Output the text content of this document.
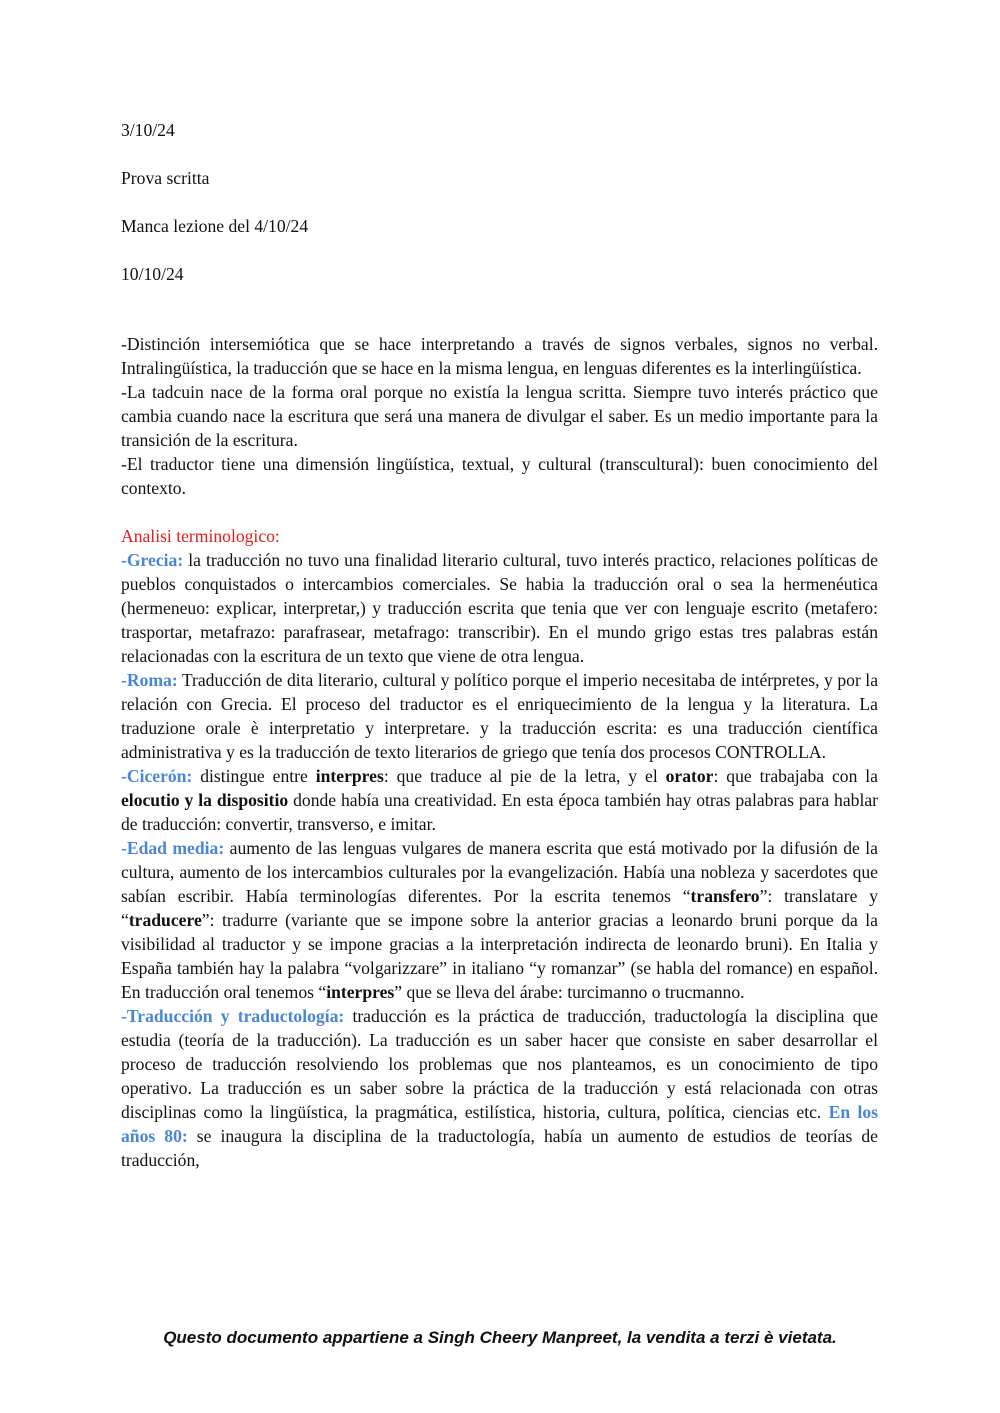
3/10/24

Prova scritta

Manca lezione del 4/10/24

10/10/24

-Distinción intersemiótica que se hace interpretando a través de signos verbales, signos no verbal. Intralingüística, la traducción que se hace en la misma lengua, en lenguas diferentes es la interlingüística.

-La tadcuin nace de la forma oral porque no existía la lengua scritta. Siempre tuvo interés práctico que cambia cuando nace la escritura que será una manera de divulgar el saber. Es un medio importante para la transición de la escritura.

-El traductor tiene una dimensión lingüística, textual, y cultural (transcultural): buen conocimiento del contexto.

Analisi terminologico:

-Grecia: la traducción no tuvo una finalidad literario cultural, tuvo interés practico, relaciones políticas de pueblos conquistados o intercambios comerciales. Se habia la traducción oral o sea la hermenéutica (hermeneuo: explicar, interpretar,) y traducción escrita que tenia que ver con lenguaje escrito (metafero: trasportar, metafrazo: parafrasear, metafrago: transcribir). En el mundo grigo estas tres palabras están relacionadas con la escritura de un texto que viene de otra lengua.

-Roma: Traducción de dita literario, cultural y político porque el imperio necesitaba de intérpretes, y por la relación con Grecia. El proceso del traductor es el enriquecimiento de la lengua y la literatura. La traduzione orale è interpretatio y interpretare. y la traducción escrita: es una traducción científica administrativa y es la traducción de texto literarios de griego que tenía dos procesos CONTROLLA.

-Cicerón: distingue entre interpres: que traduce al pie de la letra, y el orator: que trabajaba con la elocutio y la dispositio donde había una creatividad. En esta época también hay otras palabras para hablar de traducción: convertir, transverso, e imitar.

-Edad media: aumento de las lenguas vulgares de manera escrita que está motivado por la difusión de la cultura, aumento de los intercambios culturales por la evangelización. Había una nobleza y sacerdotes que sabían escribir. Había terminologías diferentes. Por la escrita tenemos “transfero”: translatare y “traducere”: tradurre (variante que se impone sobre la anterior gracias a leonardo bruni porque da la visibilidad al traductor y se impone gracias a la interpretación indirecta de leonardo bruni). En Italia y España también hay la palabra “volgarizzare” in italiano “y romanzar” (se habla del romance) en español. En traducción oral tenemos “interpres” que se lleva del árabe: turcimanno o trucmanno.

-Traducción y traductología: traducción es la práctica de traducción, traductología la disciplina que estudia (teoría de la traducción). La traducción es un saber hacer que consiste en saber desarrollar el proceso de traducción resolviendo los problemas que nos planteamos, es un conocimiento de tipo operativo. La traducción es un saber sobre la práctica de la traducción y está relacionada con otras disciplinas como la lingüística, la pragmática, estilística, historia, cultura, política, ciencias etc. En los años 80: se inaugura la disciplina de la traductología, había un aumento de estudios de teorías de traducción,

Questo documento appartiene a Singh Cheery Manpreet, la vendita a terzi è vietata.
